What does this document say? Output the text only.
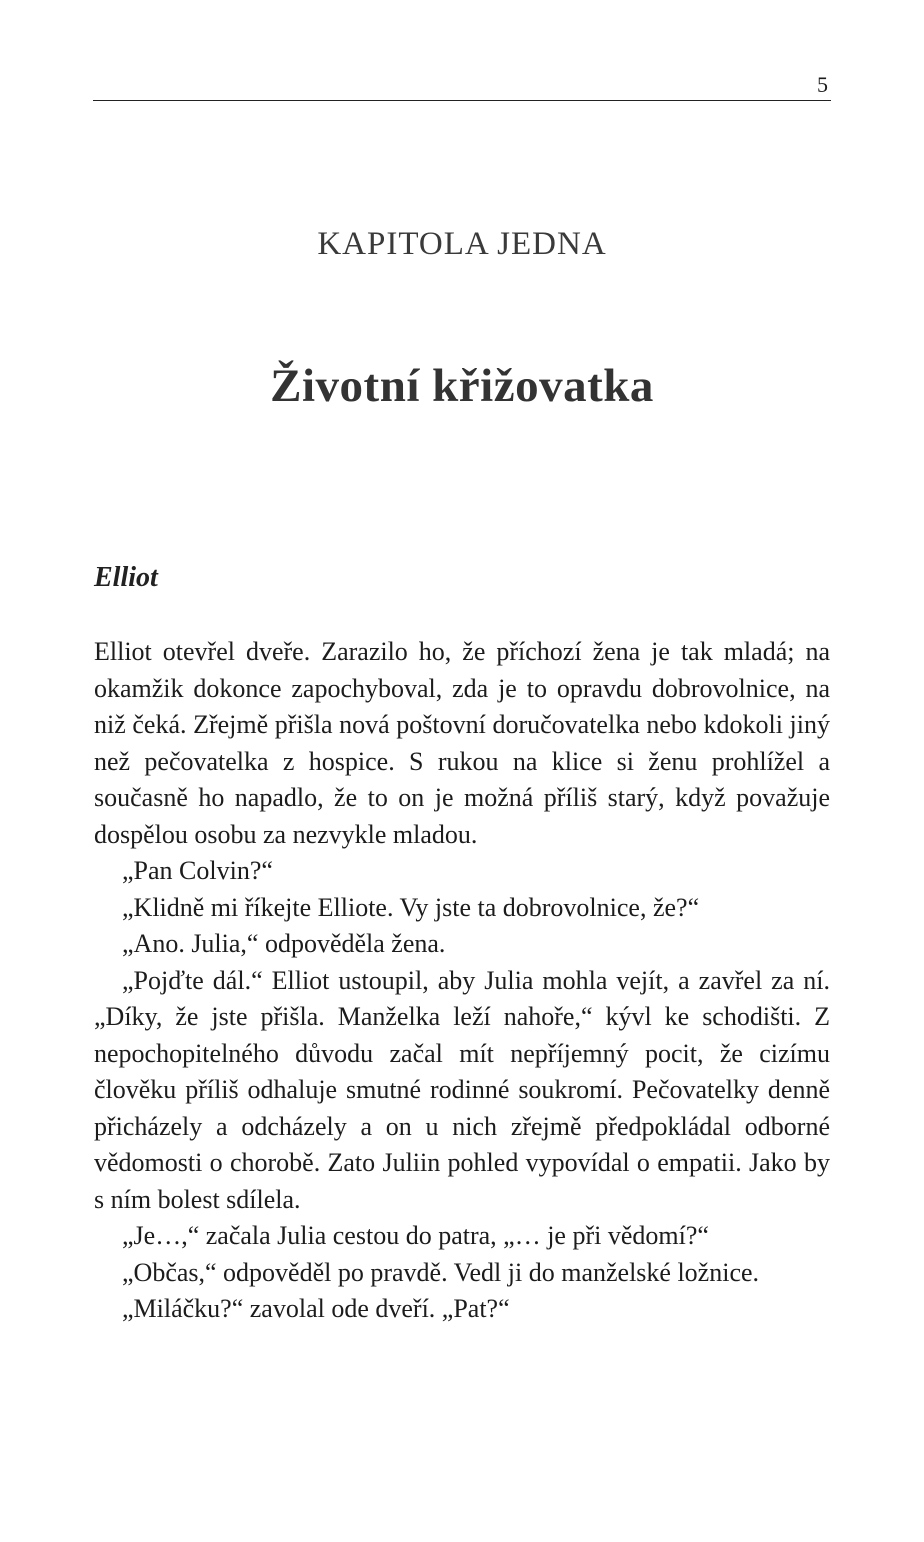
5
KAPITOLA JEDNA
Životní křižovatka
Elliot

Elliot otevřel dveře. Zarazilo ho, že příchozí žena je tak mladá; na okamžik dokonce zapochyboval, zda je to opravdu dobrovolnice, na niž čeká. Zřejmě přišla nová poštovní doručovatelka nebo kdokoli jiný než pečovatelka z hospice. S rukou na klice si ženu prohlížel a současně ho napadlo, že to on je možná příliš starý, když považuje dospělou osobu za nezvykle mladou.

„Pan Colvin?“

„Klidně mi říkejte Elliote. Vy jste ta dobrovolnice, že?“

„Ano. Julia,“ odpověděla žena.

„Pojďte dál.“ Elliot ustoupil, aby Julia mohla vejít, a zavřel za ní. „Díky, že jste přišla. Manželka leží nahoře,“ kývl ke schodišti. Z nepochopitelného důvodu začal mít nepříjemný pocit, že cizímu člověku příliš odhaluje smutné rodinné soukromí. Pečovatelky denně přicházely a odcházely a on u nich zřejmě předpokládal odborné vědomosti o chorobě. Zato Juliin pohled vypovídal o empatii. Jako by s ním bolest sdílela.

„Je…,“ začala Julia cestou do patra, „… je při vědomí?“

„Občas,“ odpověděl po pravdě. Vedl ji do manželské ložnice.

„Miláčku?“ zavolal ode dveří. „Pat?“
